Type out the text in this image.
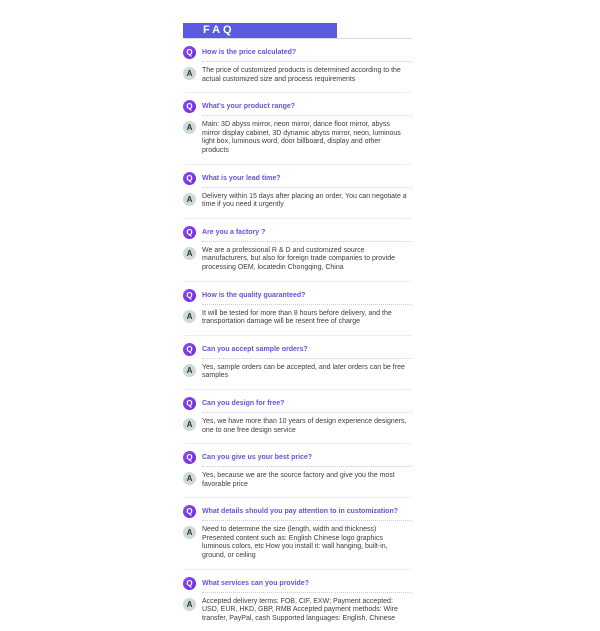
FAQ
Q	How is the price calculated?
A	The price of customized products is determined according to the actual customized size and process requirements
Q	What's your product range?
A	Main: 3D abyss mirror, neon mirror, dance floor mirror, abyss mirror display cabinet, 3D dynamic abyss mirror, neon, luminous light box, luminous word, door billboard, display and other products
Q	What is your lead time?
A	Delivery within 15 days after placing an order, You can negotiate a time if you need it urgently
Q	Are you a factory ?
A	We are a professional R & D and customized source manufacturers, but also for foreign trade companies to provide processing OEM, locatedin Chongqing, China
Q	How is the quality guaranteed?
A	It will be tested for more than 8 hours before delivery, and the transportation damage will be resent free of charge
Q	Can you accept sample orders?
A	Yes, sample orders can be accepted, and later orders can be free samples
Q	Can you design for free?
A	Yes, we have more than 10 years of design experience designers, one to one free design service
Q	Can you give us your best price?
A	Yes, because we are the source factory and give you the most favorable price
Q	What details should you pay attention to in customization?
A	Need to determine the size (length, width and thickness) Presented content such as: English Chinese logo graphics luminous colors, etc How you install it: wall hanging, built-in, ground, or ceiling
Q	What services can you provide?
A	Accepted delivery terms: FOB, CIF, EXW; Payment accepted: USD, EUR, HKD, GBP, RMB Accepted payment methods: Wire transfer, PayPal, cash Supported languages: English, Chinese
